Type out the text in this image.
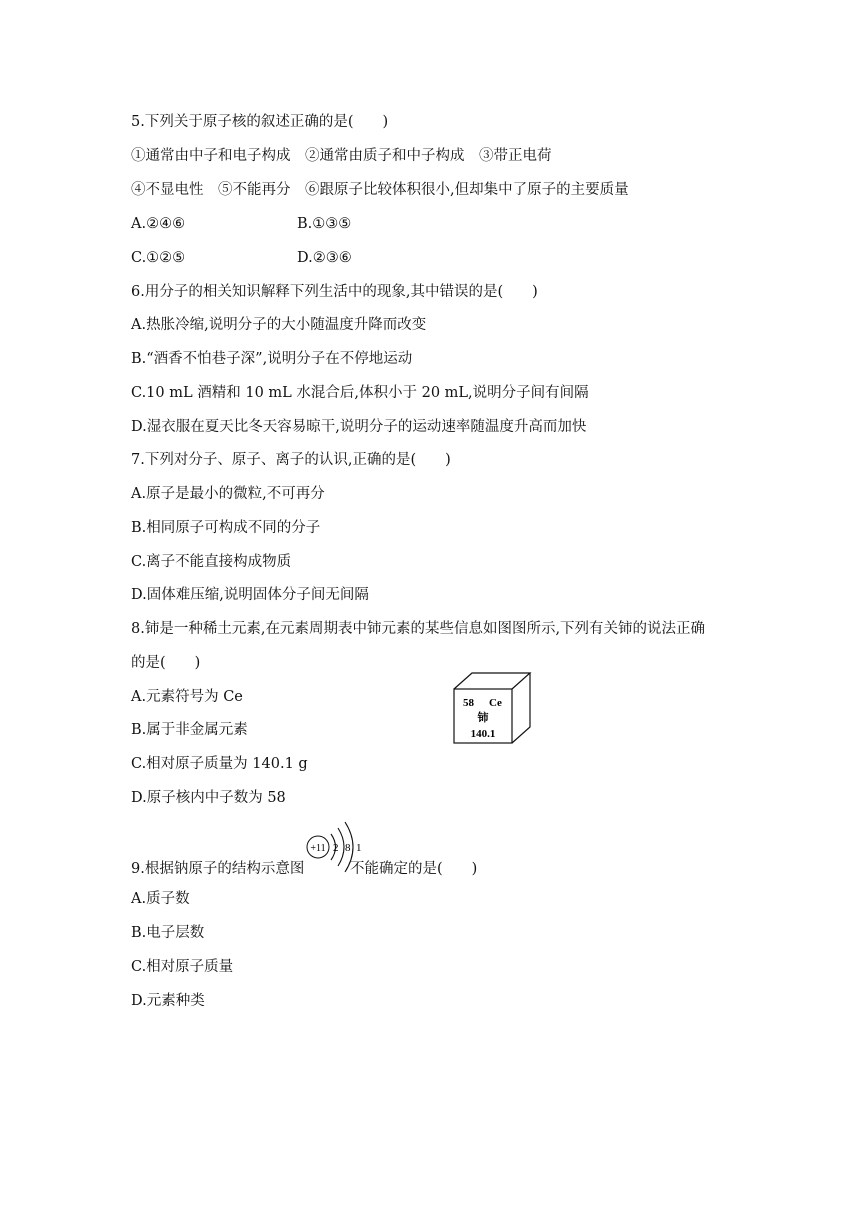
5.下列关于原子核的叙述正确的是(　　)
①通常由中子和电子构成　②通常由质子和中子构成　③带正电荷
④不显电性　⑤不能再分　⑥跟原子比较体积很小,但却集中了原子的主要质量
A.②④⑥	B.①③⑤
C.①②⑤	D.②③⑥
6.用分子的相关知识解释下列生活中的现象,其中错误的是(　　)
A.热胀冷缩,说明分子的大小随温度升降而改变
B.“酒香不怕巷子深”,说明分子在不停地运动
C.10 mL 酒精和 10 mL 水混合后,体积小于 20 mL,说明分子间有间隔
D.湿衣服在夏天比冬天容易晾干,说明分子的运动速率随温度升高而加快
7.下列对分子、原子、离子的认识,正确的是(　　)
A.原子是最小的微粒,不可再分
B.相同原子可构成不同的分子
C.离子不能直接构成物质
D.固体难压缩,说明固体分子间无间隔
8.铈是一种稀土元素,在元素周期表中铈元素的某些信息如图图所示,下列有关铈的说法正确
的是(　　)
A.元素符号为 Ce
B.属于非金属元素
C.相对原子质量为 140.1 g
D.原子核内中子数为 58
58 Ce
铈
140.1
9.根据钠原子的结构示意图	不能确定的是(　　)
+11 2 8 1
A.质子数
B.电子层数
C.相对原子质量
D.元素种类
